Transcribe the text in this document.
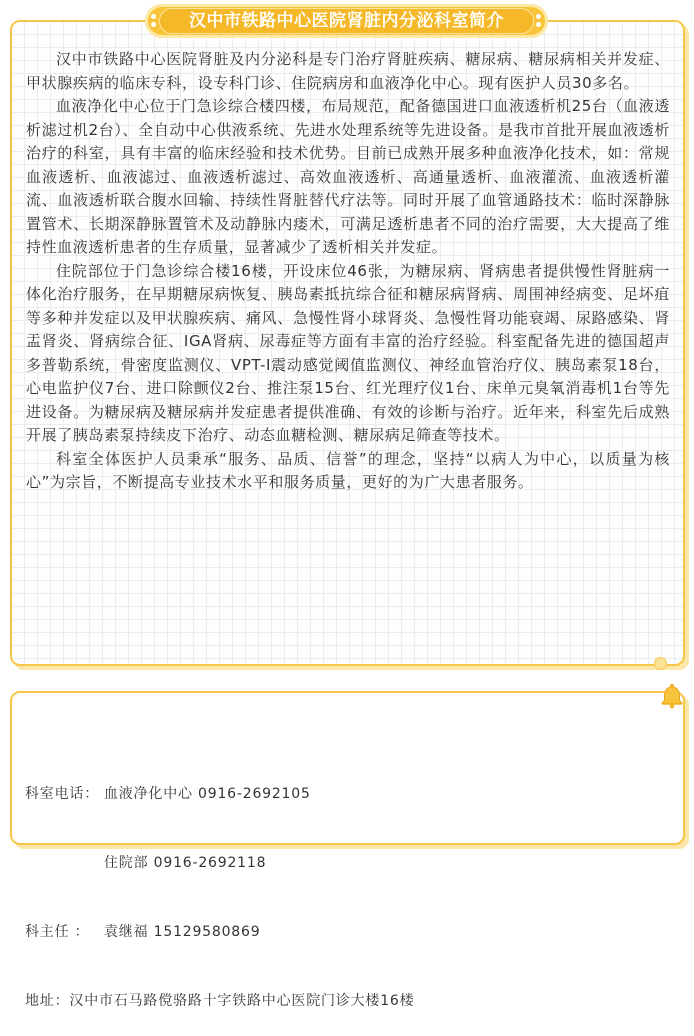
汉中市铁路中心医院肾脏内分泌科室简介

汉中市铁路中心医院肾脏及内分泌科是专门治疗肾脏疾病、糖尿病、糖尿病相关并发症、甲状腺疾病的临床专科，设专科门诊、住院病房和血液净化中心。现有医护人员30多名。

血液净化中心位于门急诊综合楼四楼，布局规范，配备德国进口血液透析机25台（血液透析滤过机2台）、全自动中心供液系统、先进水处理系统等先进设备。是我市首批开展血液透析治疗的科室，具有丰富的临床经验和技术优势。目前已成熟开展多种血液净化技术，如：常规血液透析、血液滤过、血液透析滤过、高效血液透析、高通量透析、血液灌流、血液透析灌流、血液透析联合腹水回输、持续性肾脏替代疗法等。同时开展了血管通路技术：临时深静脉置管术、长期深静脉置管术及动静脉内瘘术，可满足透析患者不同的治疗需要，大大提高了维持性血液透析患者的生存质量，显著减少了透析相关并发症。

住院部位于门急诊综合楼16楼，开设床位46张，为糖尿病、肾病患者提供慢性肾脏病一体化治疗服务，在早期糖尿病恢复、胰岛素抵抗综合征和糖尿病肾病、周围神经病变、足坏疽等多种并发症以及甲状腺疾病、痛风、急慢性肾小球肾炎、急慢性肾功能衰竭、尿路感染、肾盂肾炎、肾病综合征、IGA肾病、尿毒症等方面有丰富的治疗经验。科室配备先进的德国超声多普勒系统，骨密度监测仪、VPT-I震动感觉阈值监测仪、神经血管治疗仪、胰岛素泵18台，心电监护仪7台、进口除颤仪2台、推注泵15台、红光理疗仪1台、床单元臭氧消毒机1台等先进设备。为糖尿病及糖尿病并发症患者提供准确、有效的诊断与治疗。近年来，科室先后成熟开展了胰岛素泵持续皮下治疗、动态血糖检测、糖尿病足筛查等技术。

科室全体医护人员秉承“服务、品质、信誉”的理念，坚持“以病人为中心，以质量为核心”为宗旨，不断提高专业技术水平和服务质量，更好的为广大患者服务。

科室电话： 血液净化中心 0916-2692105

住院部 0916-2692118

科主任 ：	袁继福 15129580869

地址： 汉中市石马路傥骆路十字铁路中心医院门诊大楼16楼
